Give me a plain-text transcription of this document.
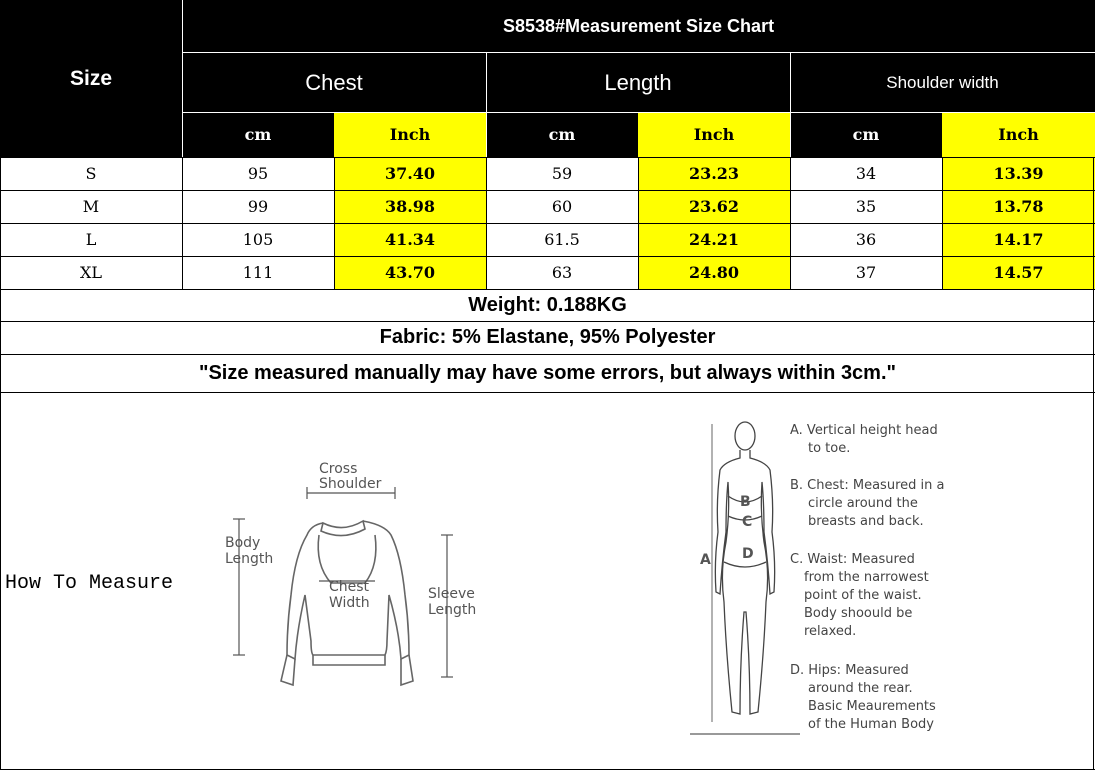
Size
S8538#Measurement Size Chart
Chest	Length	Shoulder width
cm	Inch	cm	Inch	cm	Inch
S	95	37.40	59	23.23	34	13.39
M	99	38.98	60	23.62	35	13.78
L	105	41.34	61.5	24.21	36	14.17
XL	111	43.70	63	24.80	37	14.57
Weight: 0.188KG
Fabric: 5% Elastane, 95% Polyester
"Size measured manually may have some errors, but always within 3cm."
How To Measure
Cross
Shoulder
Body
Length
Chest
Width
Sleeve
Length
B
C
D
A
A. Vertical height head
to toe.
B. Chest: Measured in a
circle around the
breasts and back.
C. Waist: Measured
from the narrowest
point of the waist.
Body shoould be
relaxed.
D. Hips: Measured
around the rear.
Basic Meaurements
of the Human Body
